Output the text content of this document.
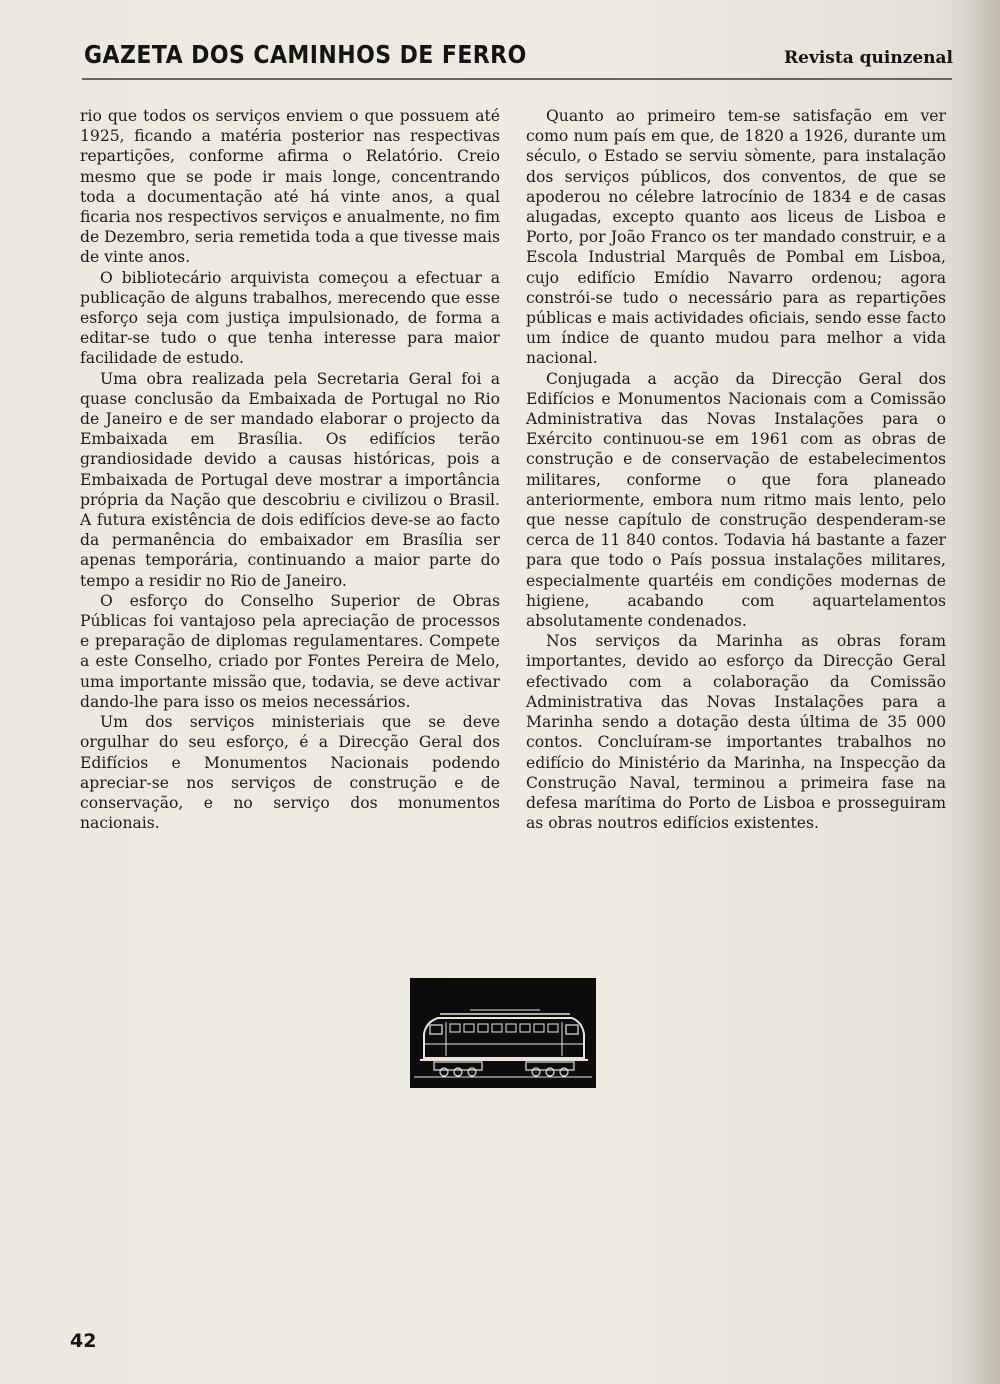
GAZETA DOS CAMINHOS DE FERRO	Revista quinzenal

rio que todos os serviços enviem o que possuem até 1925, ficando a matéria posterior nas respectivas repartições, conforme afirma o Relatório. Creio mesmo que se pode ir mais longe, concentrando toda a documentação até há vinte anos, a qual ficaria nos respectivos serviços e anualmente, no fim de Dezembro, seria remetida toda a que tivesse mais de vinte anos.

O bibliotecário arquivista começou a efectuar a publicação de alguns trabalhos, merecendo que esse esforço seja com justiça impulsionado, de forma a editar-se tudo o que tenha interesse para maior facilidade de estudo.

Uma obra realizada pela Secretaria Geral foi a quase conclusão da Embaixada de Portugal no Rio de Janeiro e de ser mandado elaborar o projecto da Embaixada em Brasília. Os edifícios terão grandiosidade devido a causas históricas, pois a Embaixada de Portugal deve mostrar a importância própria da Nação que descobriu e civilizou o Brasil. A futura existência de dois edifícios deve-se ao facto da permanência do embaixador em Brasília ser apenas temporária, continuando a maior parte do tempo a residir no Rio de Janeiro.

O esforço do Conselho Superior de Obras Públicas foi vantajoso pela apreciação de processos e preparação de diplomas regulamentares. Compete a este Conselho, criado por Fontes Pereira de Melo, uma importante missão que, todavia, se deve activar dando-lhe para isso os meios necessários.

Um dos serviços ministeriais que se deve orgulhar do seu esforço, é a Direcção Geral dos Edifícios e Monumentos Nacionais podendo apreciar-se nos serviços de construção e de conservação, e no serviço dos monumentos nacionais.

Quanto ao primeiro tem-se satisfação em ver como num país em que, de 1820 a 1926, durante um século, o Estado se serviu sòmente, para instalação dos serviços públicos, dos conventos, de que se apoderou no célebre latrocínio de 1834 e de casas alugadas, excepto quanto aos liceus de Lisboa e Porto, por João Franco os ter mandado construir, e a Escola Industrial Marquês de Pombal em Lisboa, cujo edifício Emídio Navarro ordenou; agora constrói-se tudo o necessário para as repartições públicas e mais actividades oficiais, sendo esse facto um índice de quanto mudou para melhor a vida nacional.

Conjugada a acção da Direcção Geral dos Edifícios e Monumentos Nacionais com a Comissão Administrativa das Novas Instalações para o Exército continuou-se em 1961 com as obras de construção e de conservação de estabelecimentos militares, conforme o que fora planeado anteriormente, embora num ritmo mais lento, pelo que nesse capítulo de construção despenderam-se cerca de 11 840 contos. Todavia há bastante a fazer para que todo o País possua instalações militares, especialmente quartéis em condições modernas de higiene, acabando com aquartelamentos absolutamente condenados.

Nos serviços da Marinha as obras foram importantes, devido ao esforço da Direcção Geral efectivado com a colaboração da Comissão Administrativa das Novas Instalações para a Marinha sendo a dotação desta última de 35 000 contos. Concluíram-se importantes trabalhos no edifício do Ministério da Marinha, na Inspecção da Construção Naval, terminou a primeira fase na defesa marítima do Porto de Lisboa e prosseguiram as obras noutros edifícios existentes.

42
